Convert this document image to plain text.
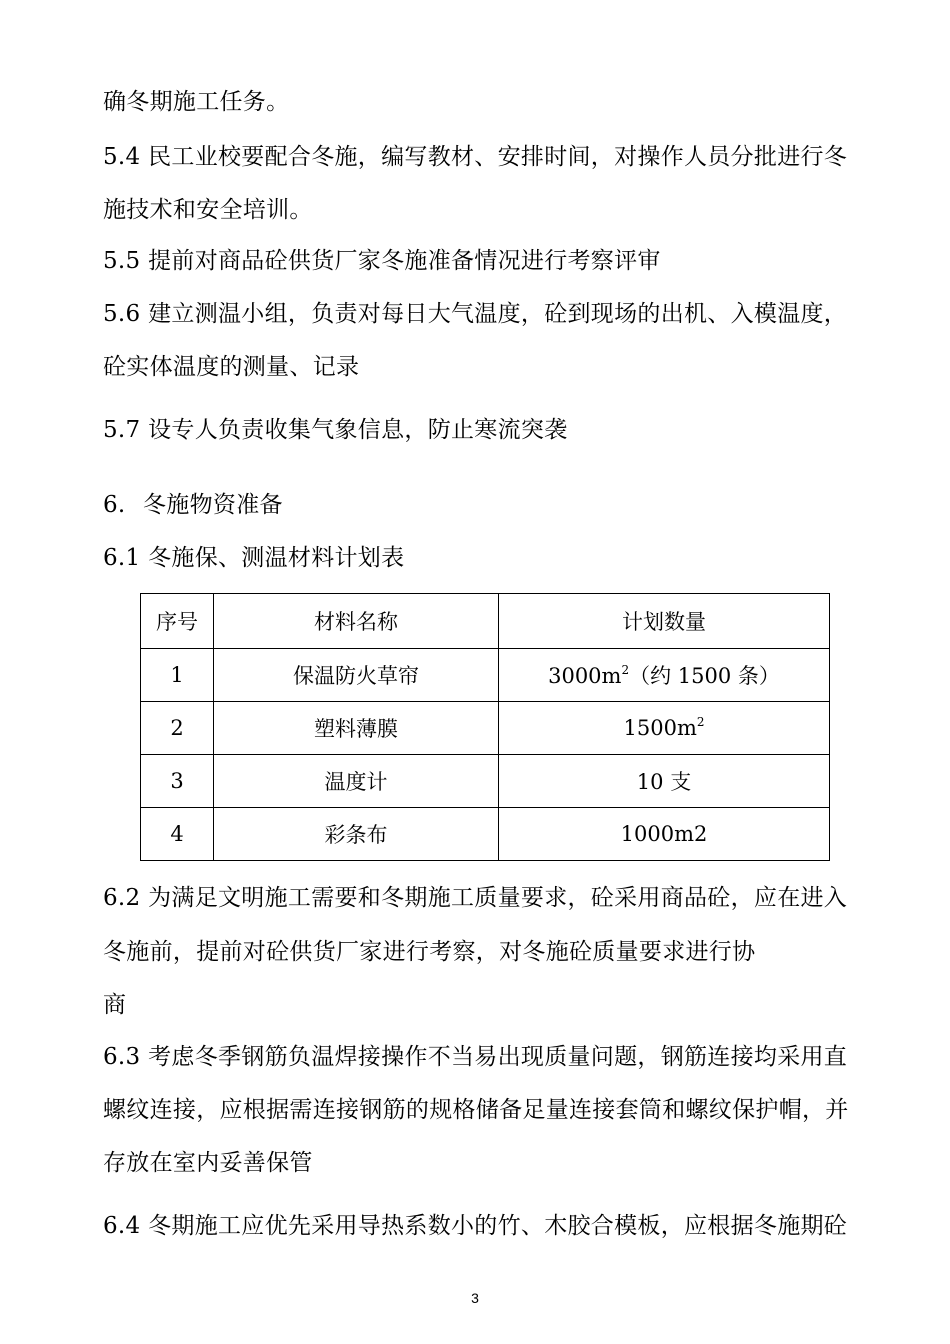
确冬期施工任务。
5.4 民工业校要配合冬施，编写教材、安排时间，对操作人员分批进行冬
施技术和安全培训。
5.5 提前对商品砼供货厂家冬施准备情况进行考察评审
5.6 建立测温小组，负责对每日大气温度，砼到现场的出机、入模温度，
砼实体温度的测量、记录
5.7 设专人负责收集气象信息，防止寒流突袭
6. 冬施物资准备
6.1 冬施保、测温材料计划表
序号	材料名称	计划数量
1	保温防火草帘	$3000m^2$（约 1500 条）
2	塑料薄膜	$1500m^2$
3	温度计	10 支
4	彩条布	1000m2
6.2 为满足文明施工需要和冬期施工质量要求，砼采用商品砼，应在进入
冬施前，提前对砼供货厂家进行考察，对冬施砼质量要求进行协
商
6.3 考虑冬季钢筋负温焊接操作不当易出现质量问题，钢筋连接均采用直
螺纹连接，应根据需连接钢筋的规格储备足量连接套筒和螺纹保护帽，并
存放在室内妥善保管
6.4 冬期施工应优先采用导热系数小的竹、木胶合模板，应根据冬施期砼
3
